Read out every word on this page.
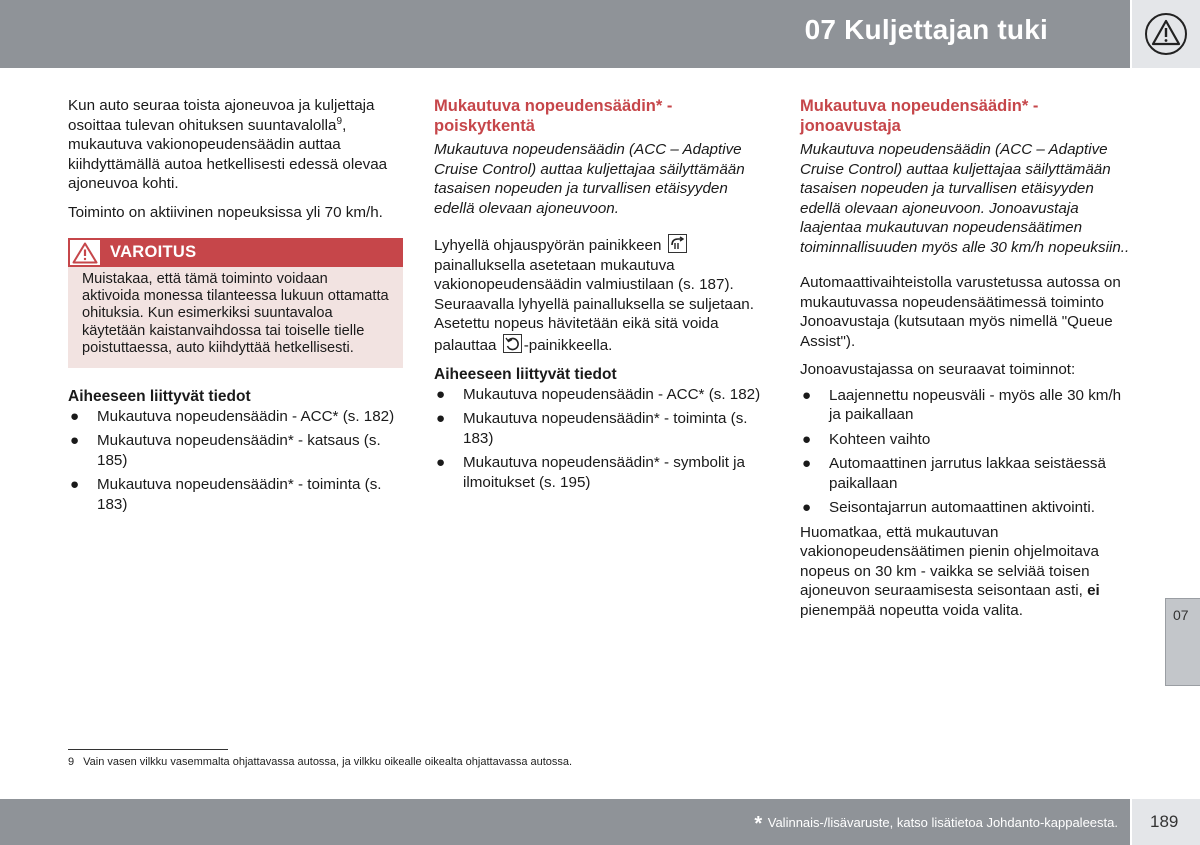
07 Kuljettajan tuki

Kun auto seuraa toista ajoneuvoa ja kuljettaja osoittaa tulevan ohituksen suuntavalolla$^9$, mukautuva vakionopeudensäädin auttaa kiihdyttämällä autoa hetkellisesti edessä olevaa ajoneuvoa kohti.

Toiminto on aktiivinen nopeuksissa yli 70 km/h.

VAROITUS
Muistakaa, että tämä toiminto voidaan aktivoida monessa tilanteessa lukuun ottamatta ohituksia. Kun esimerkiksi suuntavaloa käytetään kaistanvaihdossa tai toiselle tielle poistuttaessa, auto kiihdyttää hetkellisesti.

Aiheeseen liittyvät tiedot

● Mukautuva nopeudensäädin - ACC* (s. 182)
● Mukautuva nopeudensäädin* - katsaus (s. 185)
● Mukautuva nopeudensäädin* - toiminta (s. 183)

Mukautuva nopeudensäädin* - poiskytkentä

Mukautuva nopeudensäädin (ACC – Adaptive Cruise Control) auttaa kuljettajaa säilyttämään tasaisen nopeuden ja turvallisen etäisyyden edellä olevaan ajoneuvoon.

Lyhyellä ohjauspyörän painikkeen
painalluksella asetetaan mukautuva vakionopeudensäädin valmiustilaan (s. 187). Seuraavalla lyhyellä painalluksella se suljetaan. Asetettu nopeus hävitetään eikä sitä voida palauttaa -painikkeella.

Aiheeseen liittyvät tiedot

● Mukautuva nopeudensäädin - ACC* (s. 182)
● Mukautuva nopeudensäädin* - toiminta (s. 183)
● Mukautuva nopeudensäädin* - symbolit ja ilmoitukset (s. 195)

Mukautuva nopeudensäädin* - jonoavustaja

Mukautuva nopeudensäädin (ACC – Adaptive Cruise Control) auttaa kuljettajaa säilyttämään tasaisen nopeuden ja turvallisen etäisyyden edellä olevaan ajoneuvoon. Jonoavustaja laajentaa mukautuvan nopeudensäätimen toiminnallisuuden myös alle 30 km/h nopeuksiin..

Automaattivaihteistolla varustetussa autossa on mukautuvassa nopeudensäätimessä toiminto Jonoavustaja (kutsutaan myös nimellä "Queue Assist").

Jonoavustajassa on seuraavat toiminnot:

● Laajennettu nopeusväli - myös alle 30 km/h ja paikallaan
● Kohteen vaihto
● Automaattinen jarrutus lakkaa seistäessä paikallaan
● Seisontajarrun automaattinen aktivointi.

Huomatkaa, että mukautuvan vakionopeudensäätimen pienin ohjelmoitava nopeus on 30 km - vaikka se selviää toisen ajoneuvon seuraamisesta seisontaan asti, ei pienempää nopeutta voida valita.	07
9 Vain vasen vilkku vasemmalta ohjattavassa autossa, ja vilkku oikealle oikealta ohjattavassa autossa.
* Valinnais-/lisävaruste, katso lisätietoa Johdanto-kappaleesta. 189
